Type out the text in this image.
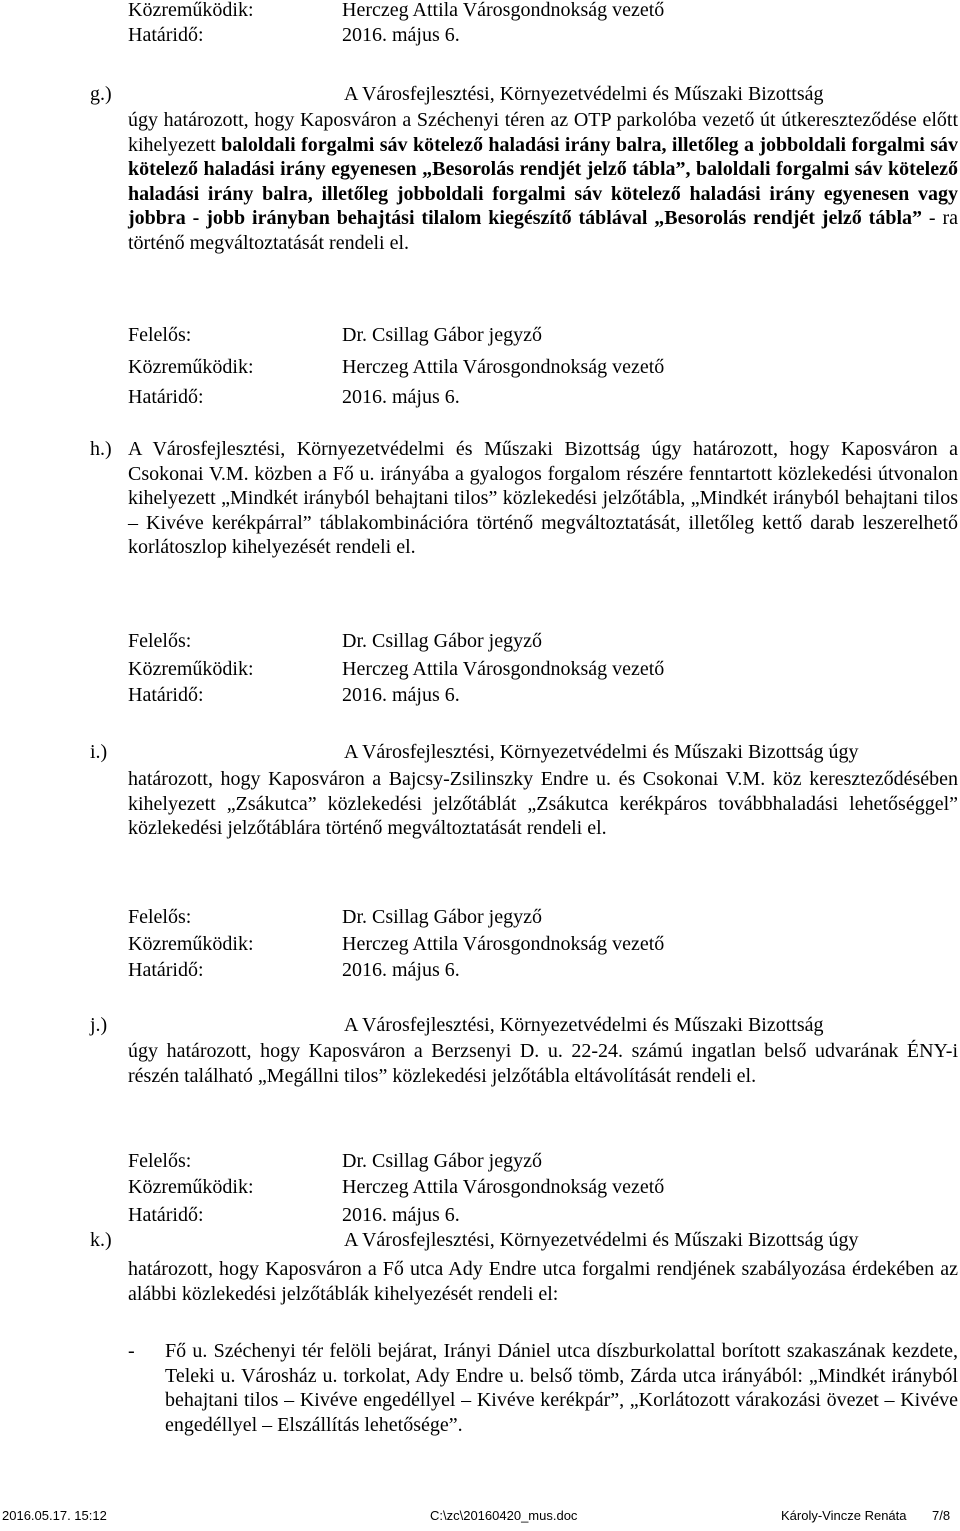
Közreműködik:	Herczeg Attila Városgondnokság vezető
Határidő:	2016. május 6.
g.)	A Városfejlesztési, Környezetvédelmi és Műszaki Bizottság
úgy határozott, hogy Kaposváron a Széchenyi téren az OTP parkolóba vezető út útkereszteződése előtt kihelyezett baloldali forgalmi sáv kötelező haladási irány balra, illetőleg a jobboldali forgalmi sáv kötelező haladási irány egyenesen „Besorolás rendjét jelző tábla”, baloldali forgalmi sáv kötelező haladási irány balra, illetőleg jobboldali forgalmi sáv kötelező haladási irány egyenesen vagy jobbra - jobb irányban behajtási tilalom kiegészítő táblával „Besorolás rendjét jelző tábla” - ra történő megváltoztatását rendeli el.
Felelős:	Dr. Csillag Gábor jegyző
Közreműködik:	Herczeg Attila Városgondnokság vezető
Határidő:	2016. május 6.
h.) A Városfejlesztési, Környezetvédelmi és Műszaki Bizottság úgy határozott, hogy Kaposváron a Csokonai V.M. közben a Fő u. irányába a gyalogos forgalom részére fenntartott közlekedési útvonalon kihelyezett „Mindkét irányból behajtani tilos” közlekedési jelzőtábla, „Mindkét irányból behajtani tilos – Kivéve kerékpárral” táblakombinációra történő megváltoztatását, illetőleg kettő darab leszerelhető korlátoszlop kihelyezését rendeli el.
Felelős:	Dr. Csillag Gábor jegyző
Közreműködik:	Herczeg Attila Városgondnokság vezető
Határidő:	2016. május 6.
i.)	A Városfejlesztési, Környezetvédelmi és Műszaki Bizottság úgy
határozott, hogy Kaposváron a Bajcsy-Zsilinszky Endre u. és Csokonai V.M. köz kereszteződésében kihelyezett „Zsákutca” közlekedési jelzőtáblát „Zsákutca kerékpáros továbbhaladási lehetőséggel” közlekedési jelzőtáblára történő megváltoztatását rendeli el.
Felelős:	Dr. Csillag Gábor jegyző
Közreműködik:	Herczeg Attila Városgondnokság vezető
Határidő:	2016. május 6.
j.)	A Városfejlesztési, Környezetvédelmi és Műszaki Bizottság
úgy határozott, hogy Kaposváron a Berzsenyi D. u. 22-24. számú ingatlan belső udvarának ÉNY-i részén található „Megállni tilos” közlekedési jelzőtábla eltávolítását rendeli el.
Felelős:	Dr. Csillag Gábor jegyző
Közreműködik:	Herczeg Attila Városgondnokság vezető
Határidő:	2016. május 6.
k.)	A Városfejlesztési, Környezetvédelmi és Műszaki Bizottság úgy
határozott, hogy Kaposváron a Fő utca Ady Endre utca forgalmi rendjének szabályozása érdekében az alábbi közlekedési jelzőtáblák kihelyezését rendeli el:
- Fő u. Széchenyi tér felöli bejárat, Irányi Dániel utca díszburkolattal borított szakaszának kezdete, Teleki u. Városház u. torkolat, Ady Endre u. belső tömb, Zárda utca irányából: „Mindkét irányból behajtani tilos – Kivéve engedéllyel – Kivéve kerékpár”, „Korlátozott várakozási övezet – Kivéve engedéllyel – Elszállítás lehetősége”.
2016.05.17. 15:12	C:\zc\20160420_mus.doc	Károly-Vincze Renáta 7/8
